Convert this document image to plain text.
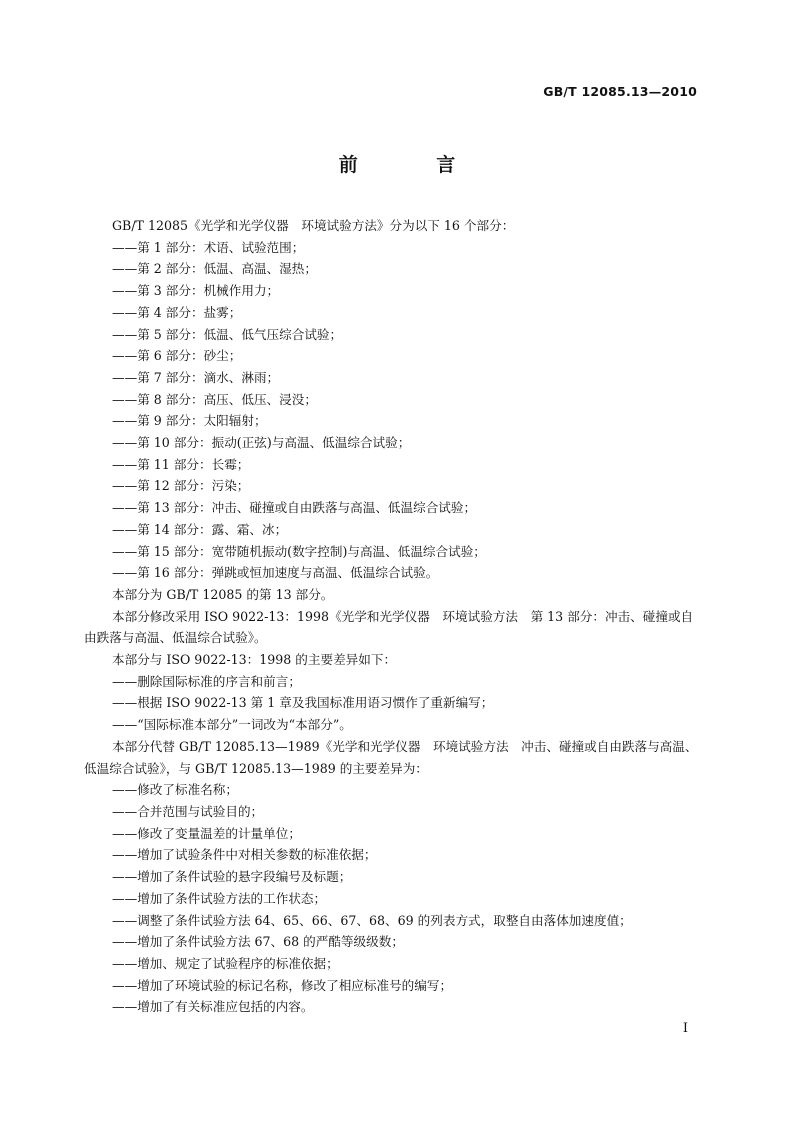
GB/T 12085.13—2010
前 言

GB/T 12085《光学和光学仪器　环境试验方法》分为以下 16 个部分：

——第 1 部分：术语、试验范围；

——第 2 部分：低温、高温、湿热；

——第 3 部分：机械作用力；

——第 4 部分：盐雾；

——第 5 部分：低温、低气压综合试验；

——第 6 部分：砂尘；

——第 7 部分：滴水、淋雨；

——第 8 部分：高压、低压、浸没；

——第 9 部分：太阳辐射；

——第 10 部分：振动(正弦)与高温、低温综合试验；

——第 11 部分：长霉；

——第 12 部分：污染；

——第 13 部分：冲击、碰撞或自由跌落与高温、低温综合试验；

——第 14 部分：露、霜、冰；

——第 15 部分：宽带随机振动(数字控制)与高温、低温综合试验；

——第 16 部分：弹跳或恒加速度与高温、低温综合试验。

本部分为 GB/T 12085 的第 13 部分。

本部分修改采用 ISO 9022-13：1998《光学和光学仪器　环境试验方法　第 13 部分：冲击、碰撞或自由跌落与高温、低温综合试验》。

本部分与 ISO 9022-13：1998 的主要差异如下：

——删除国际标准的序言和前言；

——根据 ISO 9022-13 第 1 章及我国标准用语习惯作了重新编写；

——“国际标准本部分”一词改为“本部分”。

本部分代替 GB/T 12085.13—1989《光学和光学仪器　环境试验方法　冲击、碰撞或自由跌落与高温、低温综合试验》，与 GB/T 12085.13—1989 的主要差异为：

——修改了标准名称；

——合并范围与试验目的；

——修改了变量温差的计量单位；

——增加了试验条件中对相关参数的标准依据；

——增加了条件试验的悬字段编号及标题；

——增加了条件试验方法的工作状态；

——调整了条件试验方法 64、65、66、67、68、69 的列表方式，取整自由落体加速度值；

——增加了条件试验方法 67、68 的严酷等级级数；

——增加、规定了试验程序的标准依据；

——增加了环境试验的标记名称，修改了相应标准号的编写；

——增加了有关标准应包括的内容。

I
